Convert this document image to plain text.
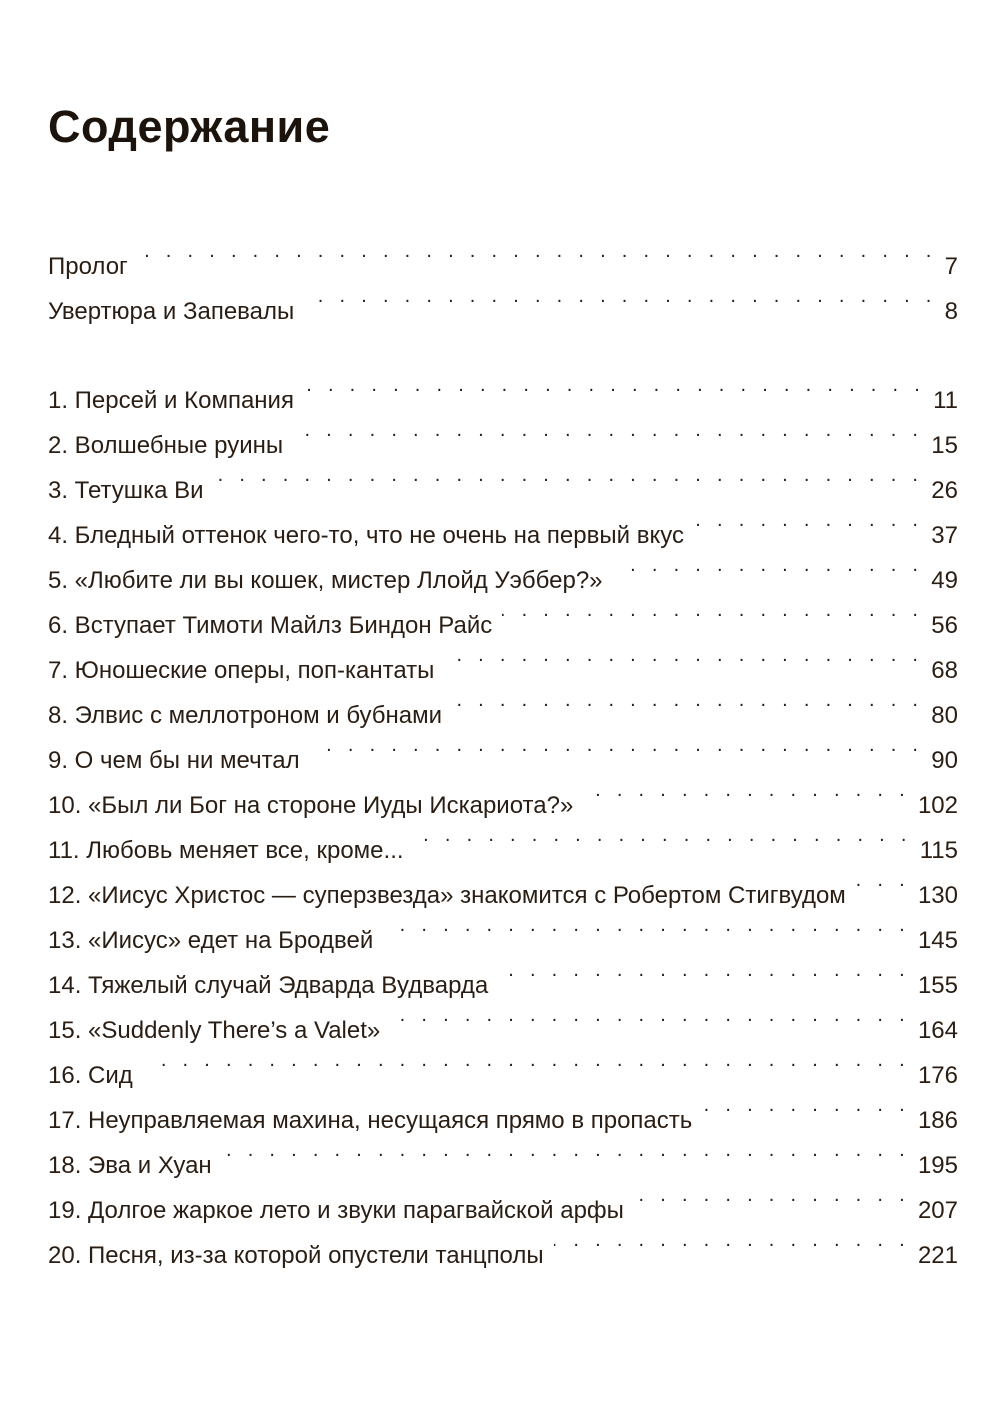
Содержание
Пролог . . .	7
Увертюра и Запевалы . . .	8
1. Персей и Компания . . .	11
2. Волшебные руины . . .	15
3. Тетушка Ви . . .	26
4. Бледный оттенок чего-то, что не очень на первый вкус . . .	37
5. «Любите ли вы кошек, мистер Ллойд Уэббер?» . . .	49
6. Вступает Тимоти Майлз Биндон Райс . . .	56
7. Юношеские оперы, поп-кантаты . . .	68
8. Элвис с меллотроном и бубнами . . .	80
9. О чем бы ни мечтал . . .	90
10. «Был ли Бог на стороне Иуды Искариота?» . . .	102
11. Любовь меняет все, кроме... . . .	115
12. «Иисус Христос — суперзвезда» знакомится с Робертом Стигвудом . . .	130
13. «Иисус» едет на Бродвей . . .	145
14. Тяжелый случай Эдварда Вудварда . . .	155
15. «Suddenly There’s a Valet» . . .	164
16. Сид . . .	176
17. Неуправляемая махина, несущаяся прямо в пропасть . . .	186
18. Эва и Хуан . . .	195
19. Долгое жаркое лето и звуки парагвайской арфы . . .	207
20. Песня, из-за которой опустели танцполы . . .	221
